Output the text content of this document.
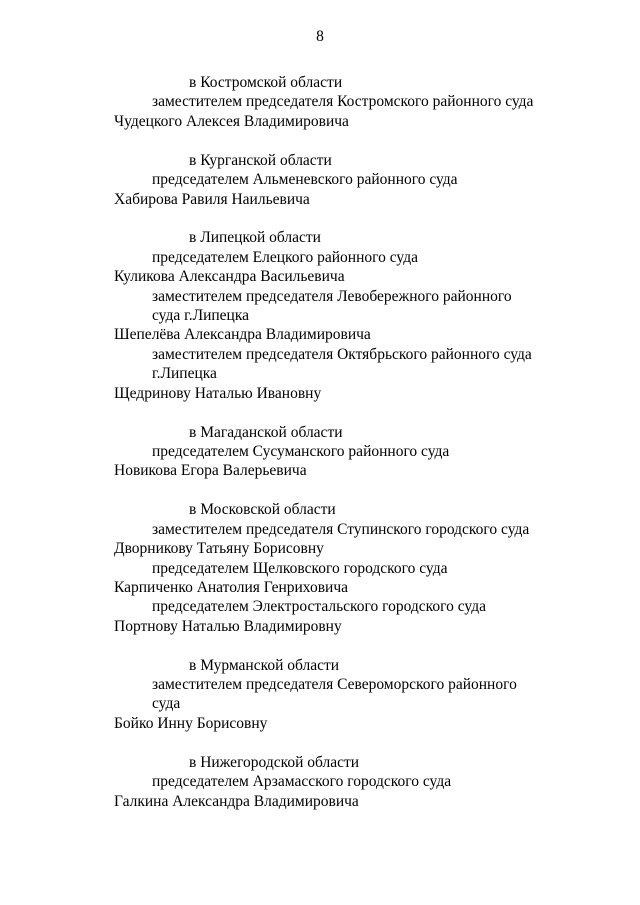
8
в Костромской области
заместителем председателя Костромского районного суда
Чудецкого Алексея Владимировича
в Курганской области
председателем Альменевского районного суда
Хабирова Равиля Наильевича
в Липецкой области
председателем Елецкого районного суда
Куликова Александра Васильевича
заместителем председателя Левобережного районного суда г.Липецка
Шепелёва Александра Владимировича
заместителем председателя Октябрьского районного суда г.Липецка
Щедринову Наталью Ивановну
в Магаданской области
председателем Сусуманского районного суда
Новикова Егора Валерьевича
в Московской области
заместителем председателя Ступинского городского суда
Дворникову Татьяну Борисовну
председателем Щелковского городского суда
Карпиченко Анатолия Генриховича
председателем Электростальского городского суда
Портнову Наталью Владимировну
в Мурманской области
заместителем председателя Североморского районного суда
Бойко Инну Борисовну
в Нижегородской области
председателем Арзамасского городского суда
Галкина Александра Владимировича
